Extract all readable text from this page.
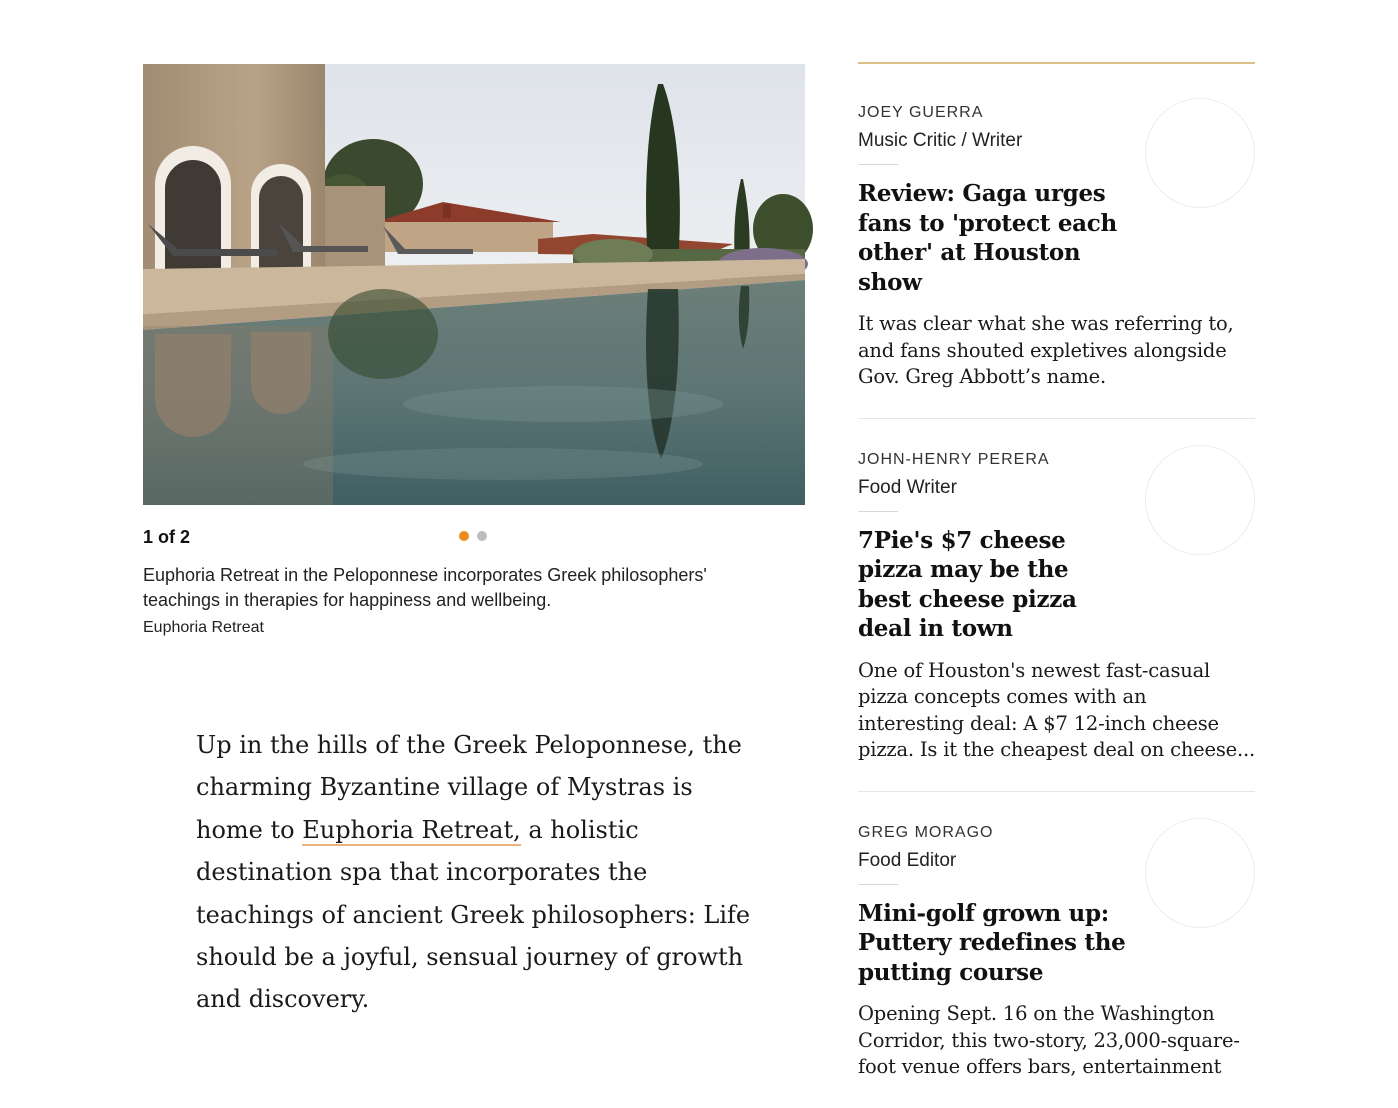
1 of 2
Euphoria Retreat in the Peloponnese incorporates Greek philosophers' teachings in therapies for happiness and wellbeing.
Euphoria Retreat

Up in the hills of the Greek Peloponnese, the charming Byzantine village of Mystras is home to Euphoria Retreat, a holistic destination spa that incorporates the teachings of ancient Greek philosophers: Life should be a joyful, sensual journey of growth and discovery.

JOEY GUERRA
Music Critic / Writer
Review: Gaga urges fans to 'protect each other' at Houston show
It was clear what she was referring to, and fans shouted expletives alongside Gov. Greg Abbott’s name.
JOHN-HENRY PERERA
Food Writer
7Pie's $7 cheese pizza may be the best cheese pizza deal in town
One of Houston's newest fast-casual pizza concepts comes with an interesting deal: A $7 12-inch cheese pizza. Is it the cheapest deal on cheese...
GREG MORAGO
Food Editor
Mini-golf grown up: Puttery redefines the putting course
Opening Sept. 16 on the Washington Corridor, this two-story, 23,000-square-foot venue offers bars, entertainment
